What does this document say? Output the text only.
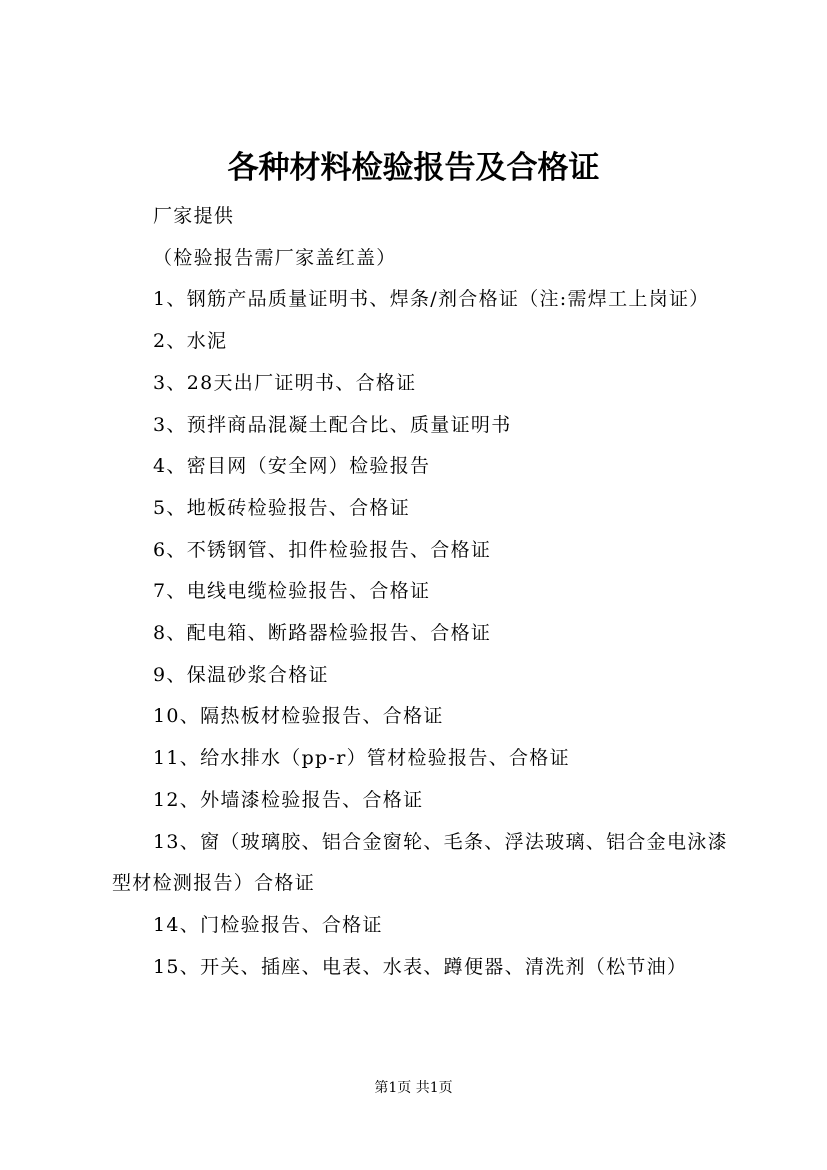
各种材料检验报告及合格证

厂家提供

（检验报告需厂家盖红盖）

1、钢筋产品质量证明书、焊条/剂合格证（注:需焊工上岗证）

2、水泥

3、28天出厂证明书、合格证

3、预拌商品混凝土配合比、质量证明书

4、密目网（安全网）检验报告

5、地板砖检验报告、合格证

6、不锈钢管、扣件检验报告、合格证

7、电线电缆检验报告、合格证

8、配电箱、断路器检验报告、合格证

9、保温砂浆合格证

10、隔热板材检验报告、合格证

11、给水排水（pp-r）管材检验报告、合格证

12、外墙漆检验报告、合格证

13、窗（玻璃胶、铝合金窗轮、毛条、浮法玻璃、铝合金电泳漆型材检测报告）合格证

14、门检验报告、合格证

15、开关、插座、电表、水表、蹲便器、清洗剂（松节油）

第1页 共1页
